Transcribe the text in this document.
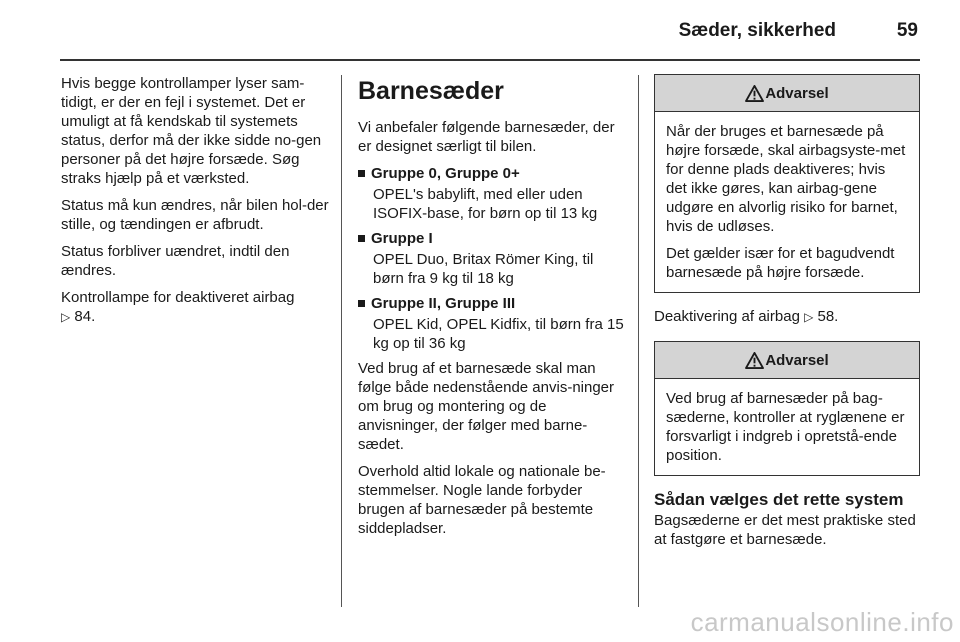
Sæder, sikkerhed	59

Hvis begge kontrollamper lyser sam-tidigt, er der en fejl i systemet. Det er umuligt at få kendskab til systemets status, derfor må der ikke sidde no-gen personer på det højre forsæde. Søg straks hjælp på et værksted.

Status må kun ændres, når bilen hol-der stille, og tændingen er afbrudt.

Status forbliver uændret, indtil den ændres.

Kontrollampe for deaktiveret airbag
▷ 84.

Barnesæder

Vi anbefaler følgende barnesæder, der er designet særligt til bilen.

Gruppe 0, Gruppe 0+
OPEL's babylift, med eller uden ISOFIX-base, for børn op til 13 kg
Gruppe I
OPEL Duo, Britax Römer King, til børn fra 9 kg til 18 kg
Gruppe II, Gruppe III
OPEL Kid, OPEL Kidfix, til børn fra 15 kg op til 36 kg

Ved brug af et barnesæde skal man følge både nedenstående anvis-ninger om brug og montering og de anvisninger, der følger med barne-sædet.

Overhold altid lokale og nationale be-stemmelser. Nogle lande forbyder brugen af barnesæder på bestemte siddepladser.

Advarsel

Når der bruges et barnesæde på højre forsæde, skal airbagsyste-met for denne plads deaktiveres; hvis det ikke gøres, kan airbag-gene udgøre en alvorlig risiko for barnet, hvis de udløses.

Det gælder især for et bagudvendt barnesæde på højre forsæde.

Deaktivering af airbag ▷ 58.

Advarsel

Ved brug af barnesæder på bag-sæderne, kontroller at ryglænene er forsvarligt i indgreb i opretstå-ende position.

Sådan vælges det rette system

Bagsæderne er det mest praktiske sted at fastgøre et barnesæde.

carmanualsonline.info
